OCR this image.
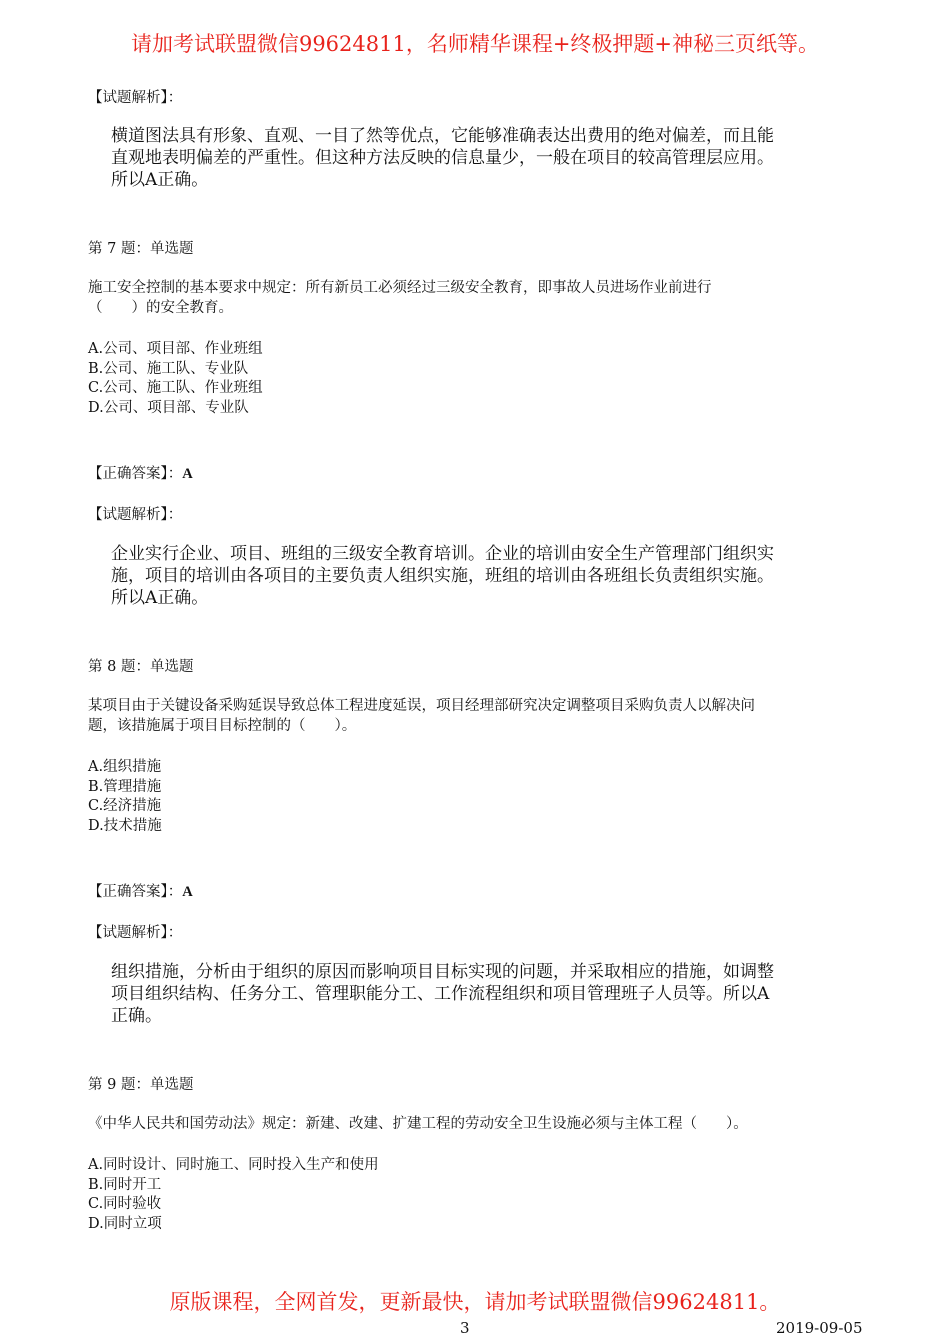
请加考试联盟微信99624811，名师精华课程+终极押题+神秘三页纸等。
【试题解析】：
横道图法具有形象、直观、一目了然等优点，它能够准确表达出费用的绝对偏差，而且能
直观地表明偏差的严重性。但这种方法反映的信息量少，一般在项目的较高管理层应用。
所以A正确。
第 7 题：单选题
施工安全控制的基本要求中规定：所有新员工必须经过三级安全教育，即事故人员进场作业前进行
（　　）的安全教育。
A.公司、项目部、作业班组
B.公司、施工队、专业队
C.公司、施工队、作业班组
D.公司、项目部、专业队
【正确答案】：A
【试题解析】：
企业实行企业、项目、班组的三级安全教育培训。企业的培训由安全生产管理部门组织实
施，项目的培训由各项目的主要负责人组织实施，班组的培训由各班组长负责组织实施。
所以A正确。
第 8 题：单选题
某项目由于关键设备采购延误导致总体工程进度延误，项目经理部研究决定调整项目采购负责人以解决问
题，该措施属于项目目标控制的（　　）。
A.组织措施
B.管理措施
C.经济措施
D.技术措施
【正确答案】：A
【试题解析】：
组织措施，分析由于组织的原因而影响项目目标实现的问题，并采取相应的措施，如调整
项目组织结构、任务分工、管理职能分工、工作流程组织和项目管理班子人员等。所以A
正确。
第 9 题：单选题
《中华人民共和国劳动法》规定：新建、改建、扩建工程的劳动安全卫生设施必须与主体工程（　　）。
A.同时设计、同时施工、同时投入生产和使用
B.同时开工
C.同时验收
D.同时立项
原版课程，全网首发，更新最快，请加考试联盟微信99624811。
3	2019-09-05
